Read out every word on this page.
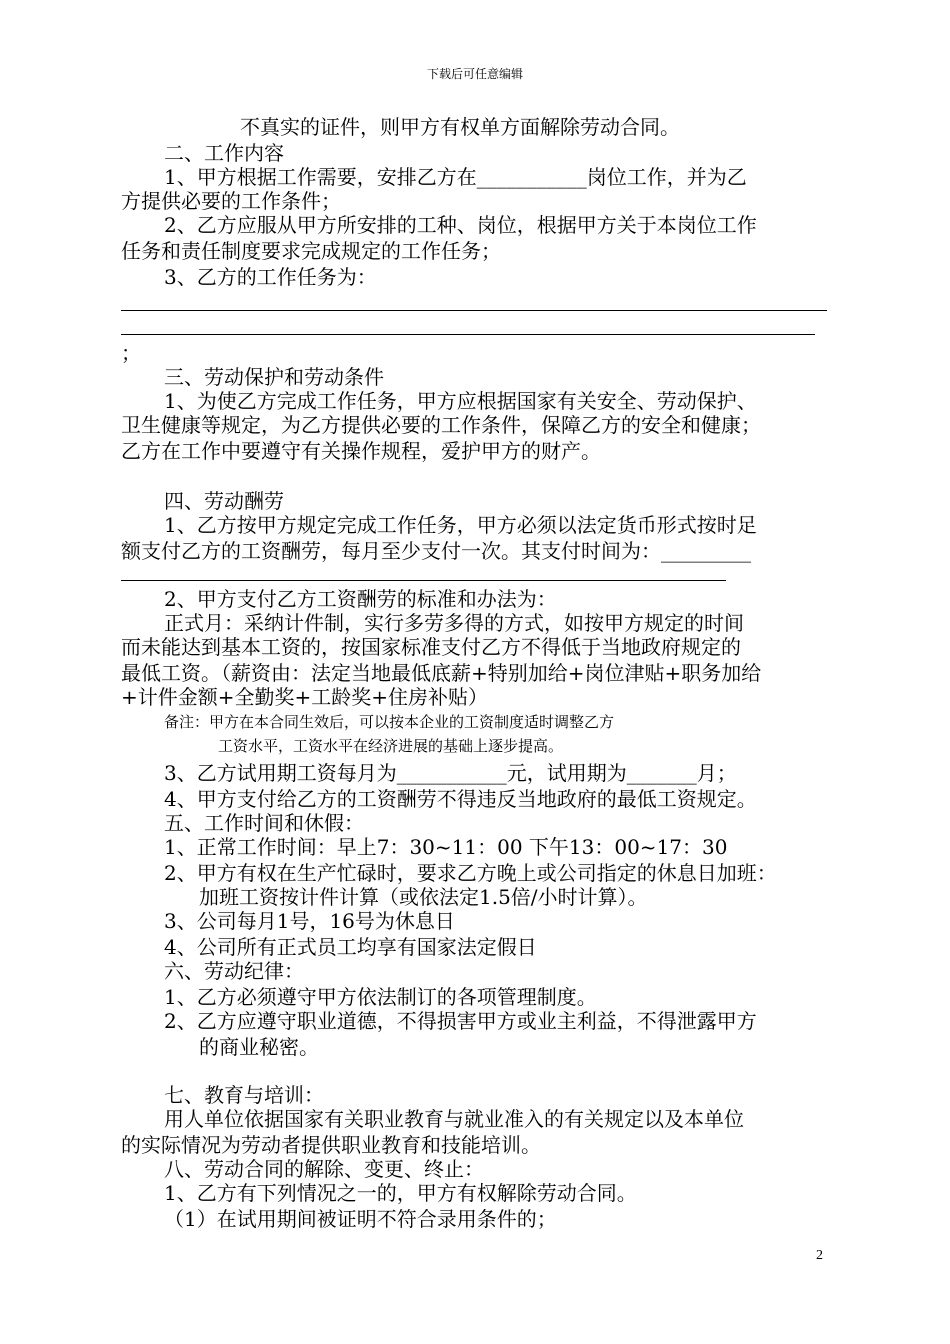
下载后可任意编辑
不真实的证件，则甲方有权单方面解除劳动合同。
二、工作内容
1、甲方根据工作需要，安排乙方在___________岗位工作，并为乙
方提供必要的工作条件；
2、乙方应服从甲方所安排的工种、岗位，根据甲方关于本岗位工作
任务和责任制度要求完成规定的工作任务；
3、乙方的工作任务为：
；
三、劳动保护和劳动条件
1、为使乙方完成工作任务，甲方应根据国家有关安全、劳动保护、
卫生健康等规定，为乙方提供必要的工作条件，保障乙方的安全和健康；
乙方在工作中要遵守有关操作规程，爱护甲方的财产。
四、劳动酬劳
1、乙方按甲方规定完成工作任务，甲方必须以法定货币形式按时足
额支付乙方的工资酬劳，每月至少支付一次。其支付时间为：_________
2、甲方支付乙方工资酬劳的标准和办法为：
正式月：采纳计件制，实行多劳多得的方式，如按甲方规定的时间
而未能达到基本工资的，按国家标准支付乙方不得低于当地政府规定的
最低工资。（薪资由：法定当地最低底薪+特别加给+岗位津贴+职务加给
+计件金额+全勤奖+工龄奖+住房补贴）
备注：甲方在本合同生效后，可以按本企业的工资制度适时调整乙方
工资水平，工资水平在经济进展的基础上逐步提高。
3、乙方试用期工资每月为___________元，试用期为_______月；
4、甲方支付给乙方的工资酬劳不得违反当地政府的最低工资规定。
五、工作时间和休假：
1、正常工作时间：早上7：30~11：00 下午13：00~17：30
2、甲方有权在生产忙碌时，要求乙方晚上或公司指定的休息日加班：
加班工资按计件计算（或依法定1.5倍/小时计算）。
3、公司每月1号，16号为休息日
4、公司所有正式员工均享有国家法定假日
六、劳动纪律：
1、乙方必须遵守甲方依法制订的各项管理制度。
2、乙方应遵守职业道德，不得损害甲方或业主利益，不得泄露甲方
的商业秘密。
七、教育与培训：
用人单位依据国家有关职业教育与就业准入的有关规定以及本单位
的实际情况为劳动者提供职业教育和技能培训。
八、劳动合同的解除、变更、终止：
1、乙方有下列情况之一的，甲方有权解除劳动合同。
（1）在试用期间被证明不符合录用条件的；
2
